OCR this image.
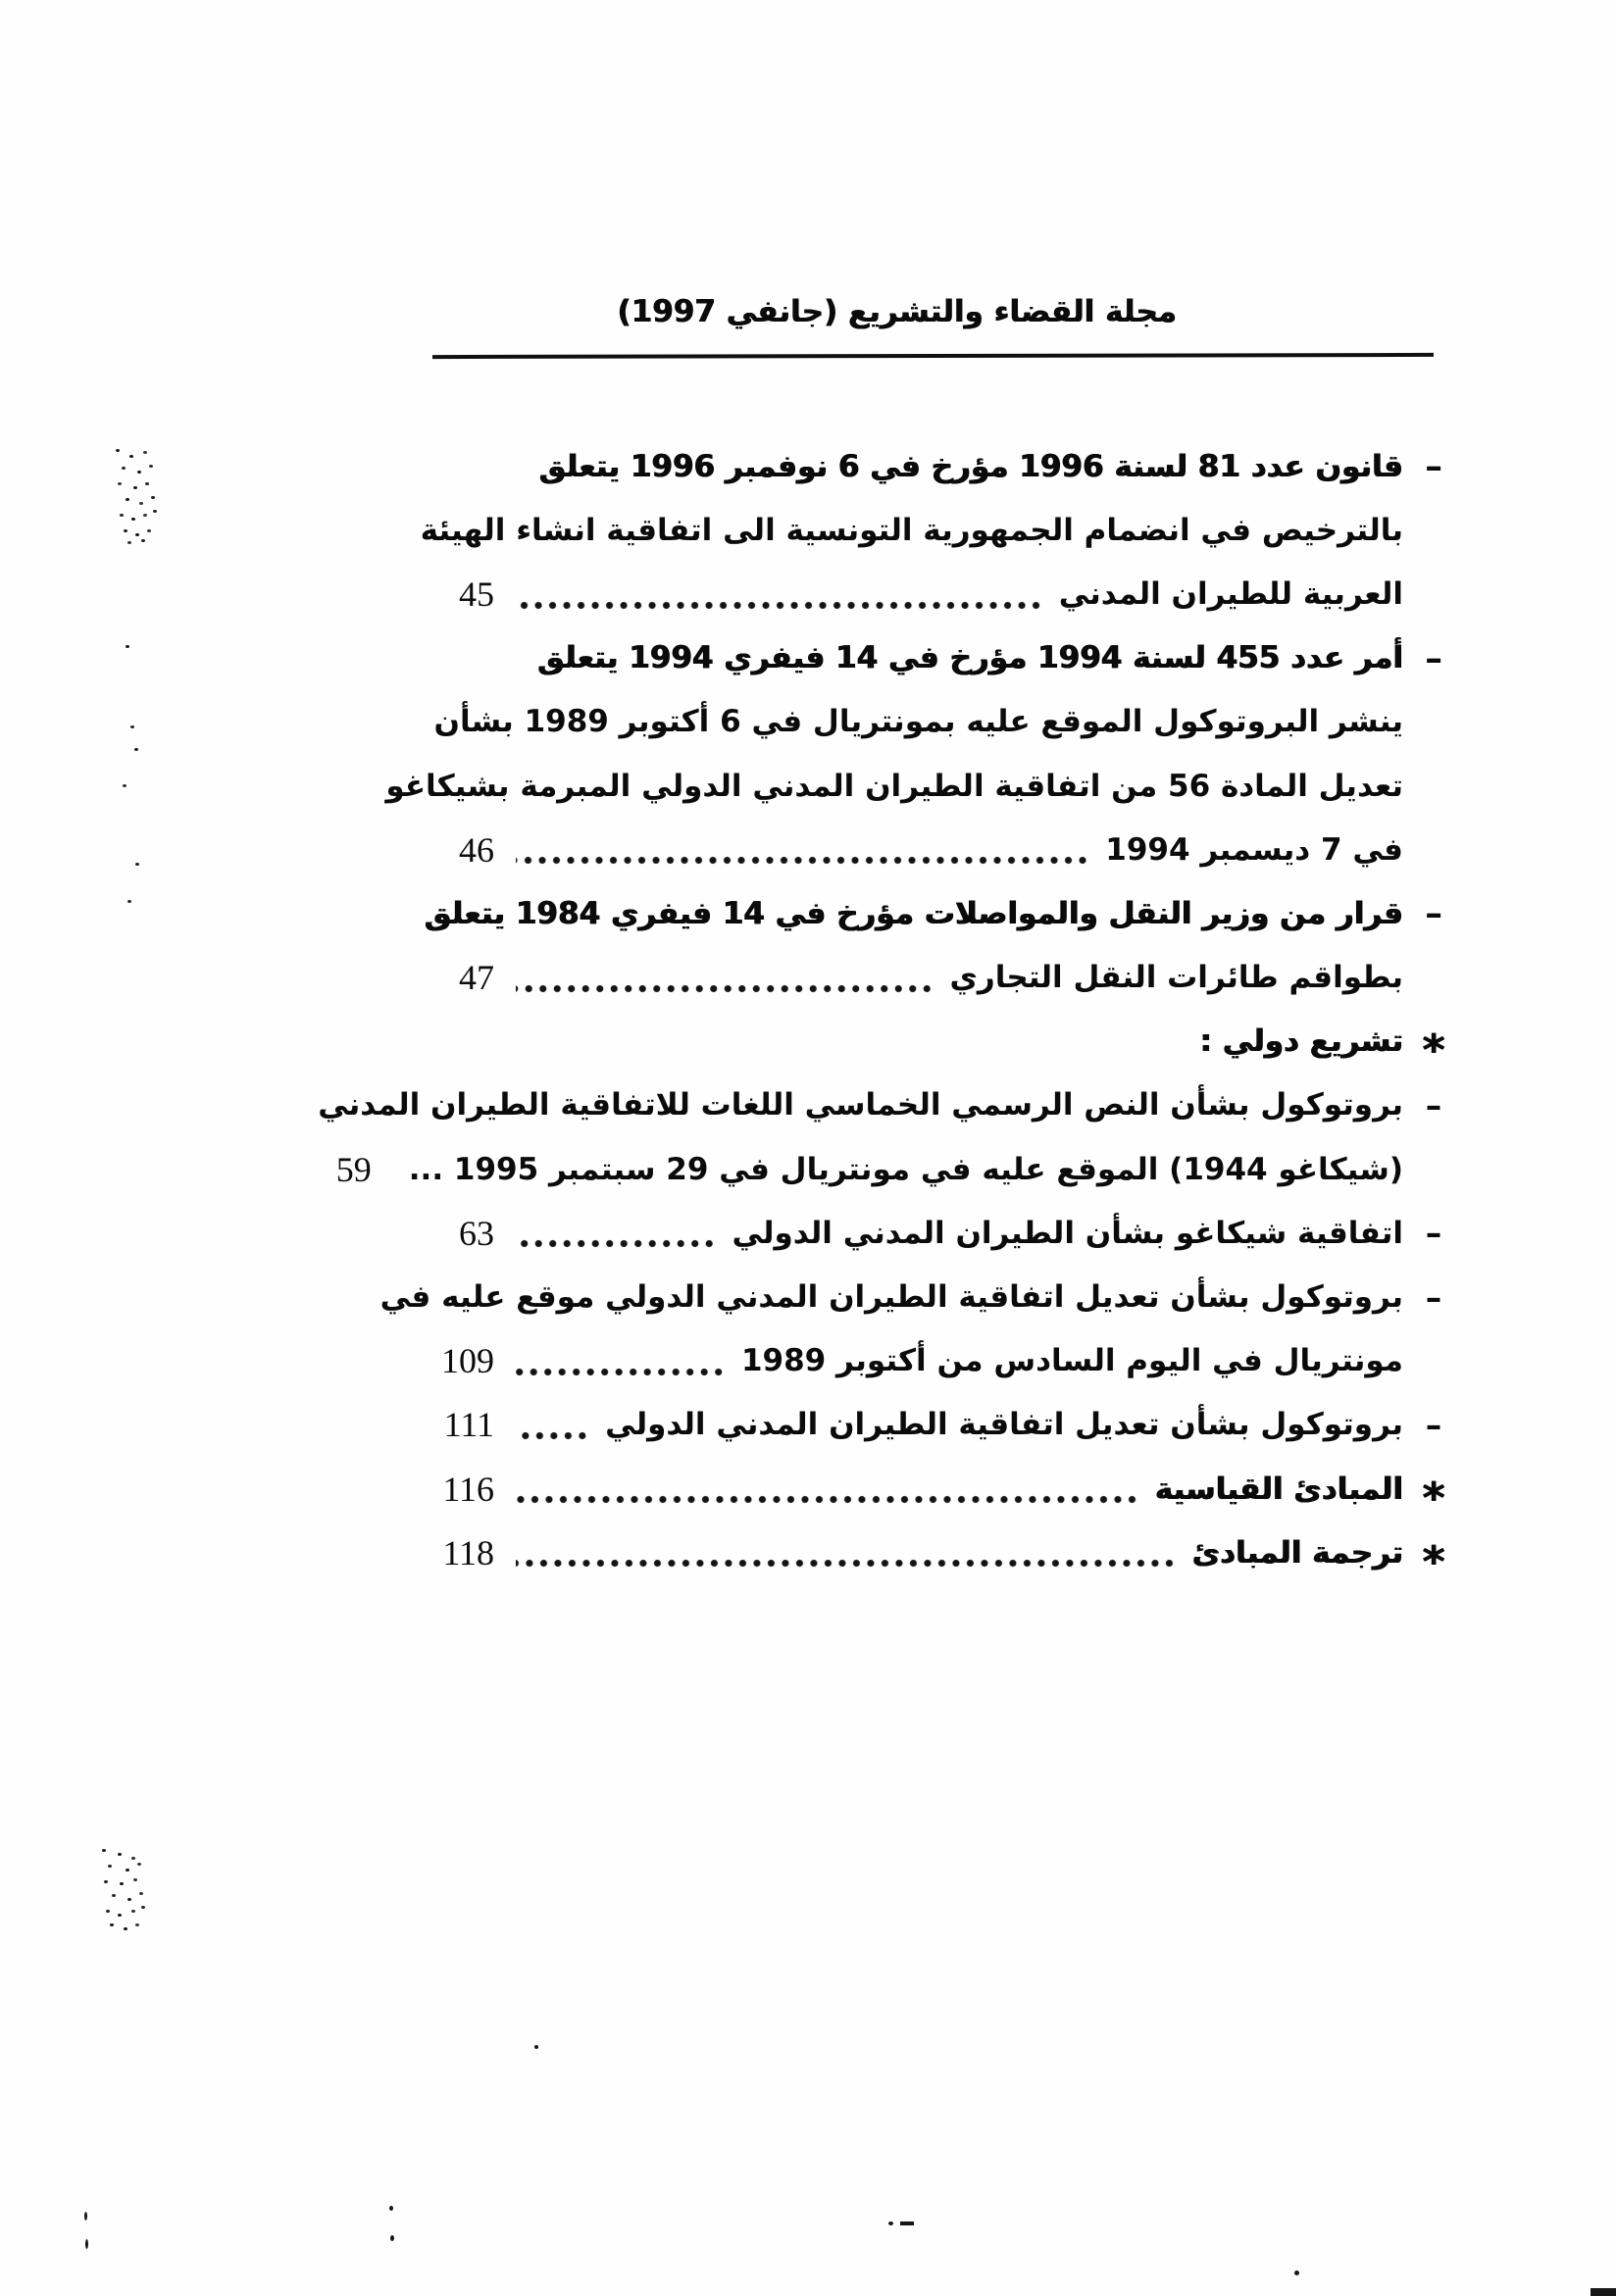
مجلة القضاء والتشريع (جانفي 1997)
–
قانون عدد 81 لسنة 1996 مؤرخ في 6 نوفمبر 1996 يتعلق
بالترخيص في انضمام الجمهورية التونسية الى اتفاقية انشاء الهيئة
العربية للطيران المدني
45
–
أمر عدد 455 لسنة 1994 مؤرخ في 14 فيفري 1994 يتعلق
ينشر البروتوكول الموقع عليه بمونتريال في 6 أكتوبر 1989 بشأن
تعديل المادة 56 من اتفاقية الطيران المدني الدولي المبرمة بشيكاغو
في 7 ديسمبر 1994
46
–
قرار من وزير النقل والمواصلات مؤرخ في 14 فيفري 1984 يتعلق
بطواقم طائرات النقل التجاري
47
*
تشريع دولي :
–
بروتوكول بشأن النص الرسمي الخماسي اللغات للاتفاقية الطيران المدني
(شيكاغو 1944) الموقع عليه في مونتريال في 29 سبتمبر 1995 ...
59
–
اتفاقية شيكاغو بشأن الطيران المدني الدولي
63
–
بروتوكول بشأن تعديل اتفاقية الطيران المدني الدولي موقع عليه في
مونتريال في اليوم السادس من أكتوبر 1989
109
–
بروتوكول بشأن تعديل اتفاقية الطيران المدني الدولي
111
*
المبادئ القياسية
116
*
ترجمة المبادئ
118
